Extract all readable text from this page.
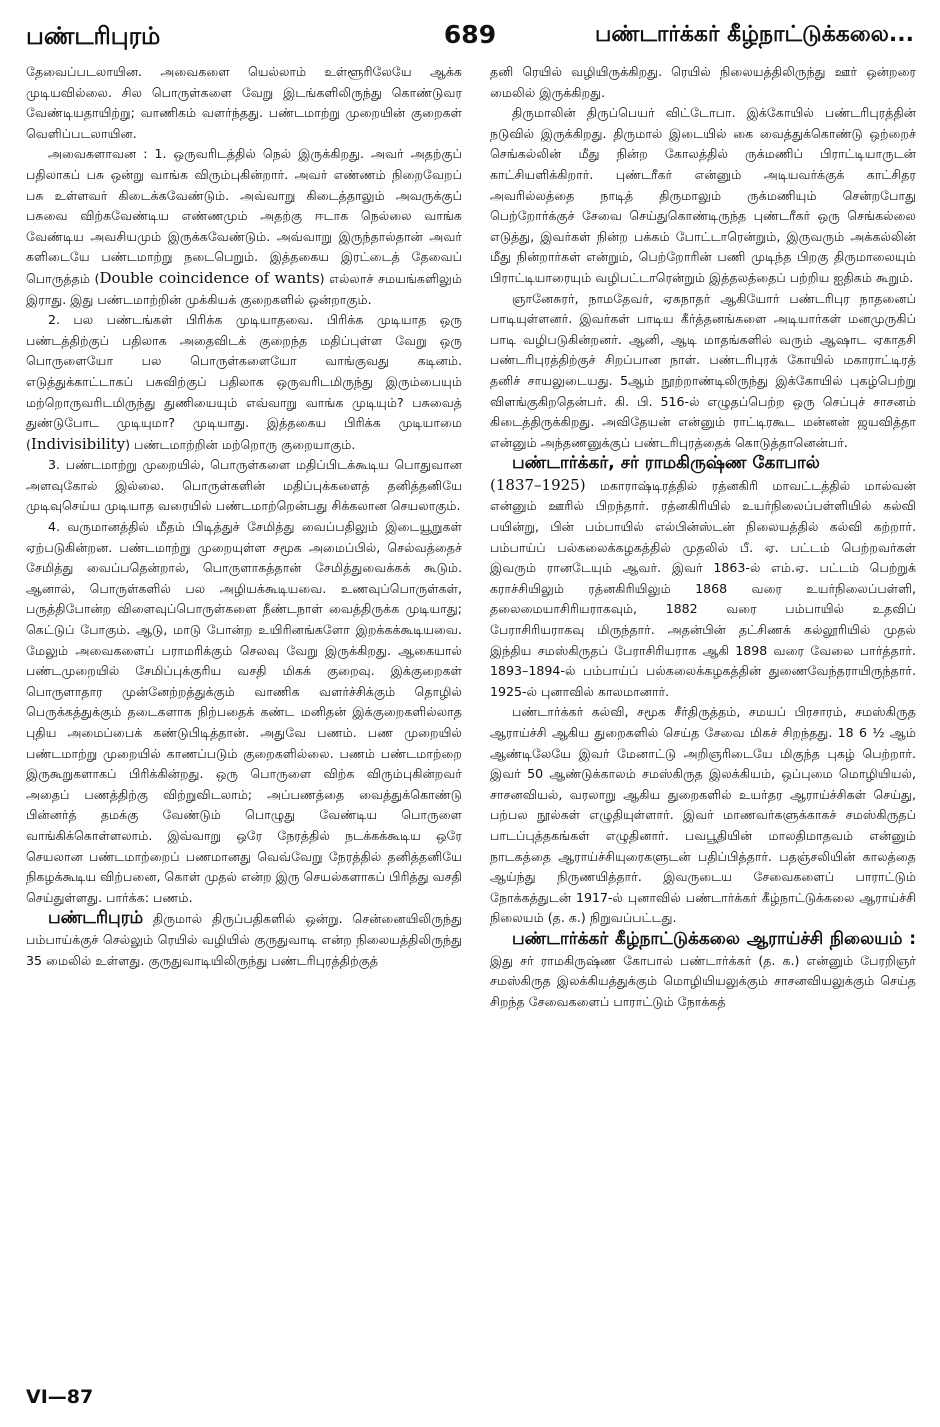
பண்டரிபுரம்	689	பண்டார்க்கர் கீழ்நாட்டுக்கலை...

தேவைப்படலாயின. அவைகளை யெல்லாம் உள்ளூரிலேயே ஆக்க முடியவில்லை. சில பொருள்களை வேறு இடங்களிலிருந்து கொண்டுவர வேண்டியதாயிற்று; வாணிகம் வளர்ந்தது. பண்டமாற்று முறையின் குறைகள் வெளிப்படலாயின.

அவைகளாவன : 1. ஒருவரிடத்தில் நெல் இருக்கிறது. அவர் அதற்குப் பதிலாகப் பசு ஒன்று வாங்க விரும்புகின்றார். அவர் எண்ணம் நிறைவேறப் பசு உள்ளவர் கிடைக்கவேண்டும். அவ்வாறு கிடைத்தாலும் அவருக்குப் பசுவை விற்கவேண்டிய எண்ணமும் அதற்கு ஈடாக நெல்லை வாங்க வேண்டிய அவசியமும் இருக்கவேண்டும். அவ்வாறு இருந்தால்தான் அவர் களிடையே பண்டமாற்று நடைபெறும். இத்தகைய இரட்டைத் தேவைப் பொருத்தம் (Double coincidence of wants) எல்லாச் சமயங்களிலும் இராது. இது பண்டமாற்றின் முக்கியக் குறைகளில் ஒன்றாகும்.

2. பல பண்டங்கள் பிரிக்க முடியாதவை. பிரிக்க முடியாத ஒரு பண்டத்திற்குப் பதிலாக அதைவிடக் குறைந்த மதிப்புள்ள வேறு ஒரு பொருளையோ பல பொருள்களையோ வாங்குவது கடினம். எடுத்துக்காட்டாகப் பசுவிற்குப் பதிலாக ஒருவரிடமிருந்து இரும்பையும் மற்றொருவரிடமிருந்து துணியையும் எவ்வாறு வாங்க முடியும்? பசுவைத் துண்டுபோட முடியுமா? முடியாது. இத்தகைய பிரிக்க முடியாமை (Indivisibility) பண்டமாற்றின் மற்றொரு குறையாகும்.

3. பண்டமாற்று முறையில், பொருள்களை மதிப்பிடக்கூடிய பொதுவான அளவுகோல் இல்லை. பொருள்களின் மதிப்புக்களைத் தனித்தனியே முடிவுசெய்ய முடியாத வரையில் பண்டமாற்றென்பது சிக்கலான செயலாகும்.

4. வருமானத்தில் மீதம் பிடித்துச் சேமித்து வைப்பதிலும் இடையூறுகள் ஏற்படுகின்றன. பண்டமாற்று முறையுள்ள சமூக அமைப்பில், செல்வத்தைச் சேமித்து வைப்பதென்றால், பொருளாகத்தான் சேமித்துவைக்கக் கூடும். ஆனால், பொருள்களில் பல அழியக்கூடியவை. உணவுப்பொருள்கள், பருத்திபோன்ற விளைவுப்பொருள்களை நீண்டநாள் வைத்திருக்க முடியாது; கெட்டுப் போகும். ஆடு, மாடு போன்ற உயிரினங்களோ இறக்கக்கூடியவை. மேலும் அவைகளைப் பராமரிக்கும் செலவு வேறு இருக்கிறது. ஆகையால் பண்டமுறையில் சேமிப்புக்குரிய வசதி மிகக் குறைவு. இக்குறைகள் பொருளாதார முன்னேற்றத்துக்கும் வாணிக வளர்ச்சிக்கும் தொழில் பெருக்கத்துக்கும் தடைகளாக நிற்பதைக் கண்ட மனிதன் இக்குறைகளில்லாத புதிய அமைப்பைக் கண்டுபிடித்தான். அதுவே பணம். பண முறையில் பண்டமாற்று முறையில் காணப்படும் குறைகளில்லை. பணம் பண்டமாற்றை இருகூறுகளாகப் பிரிக்கின்றது. ஒரு பொருளை விற்க விரும்புகின்றவர் அதைப் பணத்திற்கு விற்றுவிடலாம்; அப்பணத்தை வைத்துக்கொண்டு பின்னர்த் தமக்கு வேண்டும் பொழுது வேண்டிய பொருளை வாங்கிக்கொள்ளலாம். இவ்வாறு ஒரே நேரத்தில் நடக்கக்கூடிய ஒரே செயலான பண்டமாற்றைப் பணமானது வெவ்வேறு நேரத்தில் தனித்தனியே நிகழக்கூடிய விற்பனை, கொள் முதல் என்ற இரு செயல்களாகப் பிரித்து வசதி செய்துள்ளது. பார்க்க: பணம்.

பண்டரிபுரம் திருமால் திருப்பதிகளில் ஒன்று. சென்னையிலிருந்து பம்பாய்க்குச் செல்லும் ரெயில் வழியில் குருதுவாடி என்ற நிலையத்திலிருந்து 35 மைலில் உள்ளது. குருதுவாடியிலிருந்து பண்டரிபுரத்திற்குத்

தனி ரெயில் வழியிருக்கிறது. ரெயில் நிலையத்திலிருந்து ஊர் ஒன்றரை மைலில் இருக்கிறது.

திருமாலின் திருப்பெயர் விட்டோபா. இக்கோயில் பண்டரிபுரத்தின் நடுவில் இருக்கிறது. திருமால் இடையில் கை வைத்துக்கொண்டு ஒற்றைச் செங்கல்லின் மீது நின்ற கோலத்தில் ருக்மணிப் பிராட்டியாருடன் காட்சியளிக்கிறார். புண்டரீகர் என்னும் அடியவர்க்குக் காட்சிதர அவரில்லத்தை நாடித் திருமாலும் ருக்மணியும் சென்றபோது பெற்றோர்க்குச் சேவை செய்துகொண்டிருந்த புண்டரீகர் ஒரு செங்கல்லை எடுத்து, இவர்கள் நின்ற பக்கம் போட்டாரென்றும், இருவரும் அக்கல்லின் மீது நின்றார்கள் என்றும், பெற்றோரின் பணி முடிந்த பிறகு திருமாலையும் பிராட்டியாரையும் வழிபட்டாரென்றும் இத்தலத்தைப் பற்றிய ஐதிகம் கூறும்.

ஞானேசுரர், நாமதேவர், ஏகநாதர் ஆகியோர் பண்டரிபுர நாதனைப் பாடியுள்ளனர். இவர்கள் பாடிய கீர்த்தனங்களை அடியார்கள் மனமுருகிப் பாடி வழிபடுகின்றனர். ஆனி, ஆடி மாதங்களில் வரும் ஆஷாட ஏகாதசி பண்டரிபுரத்திற்குச் சிறப்பான நாள். பண்டரிபுரக் கோயில் மகாராட்டிரத் தனிச் சாயலுடையது. 5ஆம் நூற்றாண்டிலிருந்து இக்கோயில் புகழ்பெற்று விளங்குகிறதென்பர். கி. பி. 516-ல் எழுதப்பெற்ற ஒரு செப்புச் சாசனம் கிடைத்திருக்கிறது. அவிதேயன் என்னும் ராட்டிரகூட மன்னன் ஜயவித்தா என்னும் அந்தணனுக்குப் பண்டரிபுரத்தைக் கொடுத்தானென்பர்.

பண்டார்க்கர், சர் ராமகிருஷ்ண கோபால்
(1837–1925) மகாராஷ்டிரத்தில் ரத்னகிரி மாவட்டத்தில் மால்வன் என்னும் ஊரில் பிறந்தார். ரத்னகிரியில் உயர்நிலைப்பள்ளியில் கல்வி பயின்று, பின் பம்பாயில் எல்பின்ஸ்டன் நிலையத்தில் கல்வி கற்றார். பம்பாய்ப் பல்கலைக்கழகத்தில் முதலில் பீ. ஏ. பட்டம் பெற்றவர்கள் இவரும் ரானடேயும் ஆவர். இவர் 1863-ல் எம்.ஏ. பட்டம் பெற்றுக் கராச்சியிலும் ரத்னகிரியிலும் 1868 வரை உயர்நிலைப்பள்ளி, தலைமையாசிரியராகவும், 1882 வரை பம்பாயில் உதவிப் பேராசிரியராகவு மிருந்தார். அதன்பின் தட்சிணக் கல்லூரியில் முதல் இந்திய சமஸ்கிருதப் பேராசிரியராக ஆகி 1898 வரை வேலை பார்த்தார். 1893–1894-ல் பம்பாய்ப் பல்கலைக்கழகத்தின் துணைவேந்தராயிருந்தார். 1925-ல் புனாவில் காலமானார்.

பண்டார்க்கர் கல்வி, சமூக சீர்திருத்தம், சமயப் பிரசாரம், சமஸ்கிருத ஆராய்ச்சி ஆகிய துறைகளில் செய்த சேவை மிகச் சிறந்தது. 18 6 ½ ஆம் ஆண்டிலேயே இவர் மேனாட்டு அறிஞரிடையே மிகுந்த புகழ் பெற்றார். இவர் 50 ஆண்டுக்காலம் சமஸ்கிருத இலக்கியம், ஒப்புமை மொழியியல், சாசனவியல், வரலாறு ஆகிய துறைகளில் உயர்தர ஆராய்ச்சிகள் செய்து, பற்பல நூல்கள் எழுதியுள்ளார். இவர் மாணவர்களுக்காகச் சமஸ்கிருதப் பாடப்புத்தகங்கள் எழுதினார். பவபூதியின் மாலதிமாதவம் என்னும் நாடகத்தை ஆராய்ச்சியுரைகளுடன் பதிப்பித்தார். பதஞ்சலியின் காலத்தை ஆய்ந்து நிருணயித்தார். இவருடைய சேவைகளைப் பாராட்டும் நோக்கத்துடன் 1917-ல் புனாவில் பண்டார்க்கர் கீழ்நாட்டுக்கலை ஆராய்ச்சி நிலையம் (த. க.) நிறுவப்பட்டது.

பண்டார்க்கர் கீழ்நாட்டுக்கலை ஆராய்ச்சி நிலையம் : இது சர் ராமகிருஷ்ண கோபால் பண்டார்க்கர் (த. க.) என்னும் பேரறிஞர் சமஸ்கிருத இலக்கியத்துக்கும் மொழியியலுக்கும் சாசனவியலுக்கும் செய்த சிறந்த சேவைகளைப் பாராட்டும் நோக்கத்

VI—87
